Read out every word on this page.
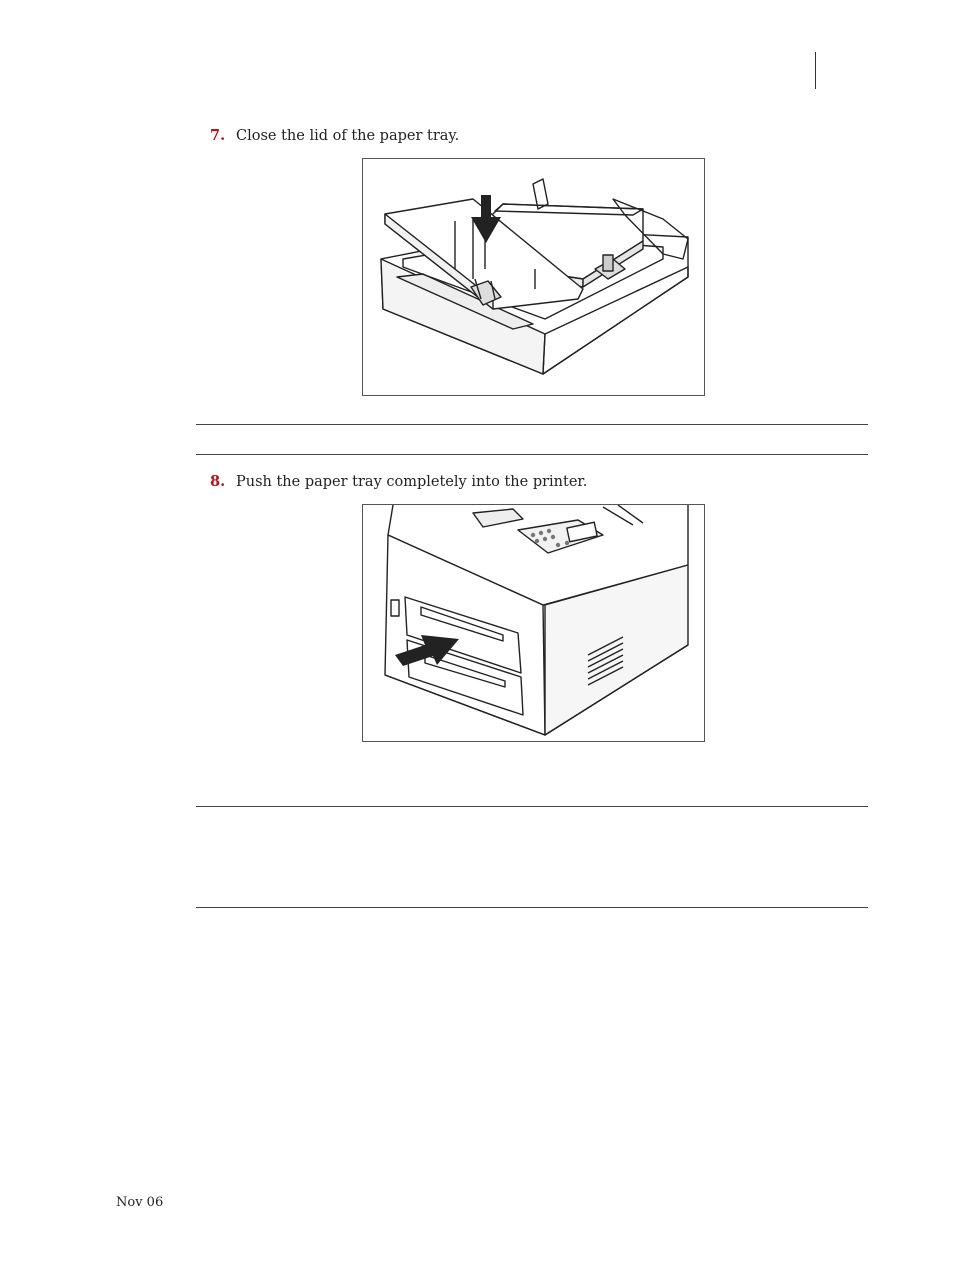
7. Close the lid of the paper tray.
8. Push the paper tray completely into the printer.
Nov 06
